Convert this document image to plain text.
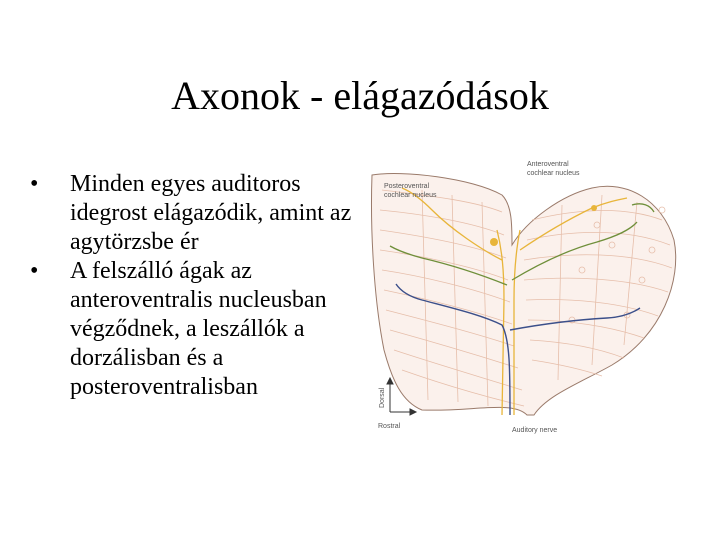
Axonok - elágazódások
•	Minden egyes auditoros idegrost elágazódik, amint az agytörzsbe ér
•	A felszálló ágak az anteroventralis nucleusban végződnek, a leszállók a dorzálisban és a posteroventralisban
Anteroventral
cochlear nucleus
Posteroventral
cochlear nucleus
Auditory nerve
Dorsal
Rostral
